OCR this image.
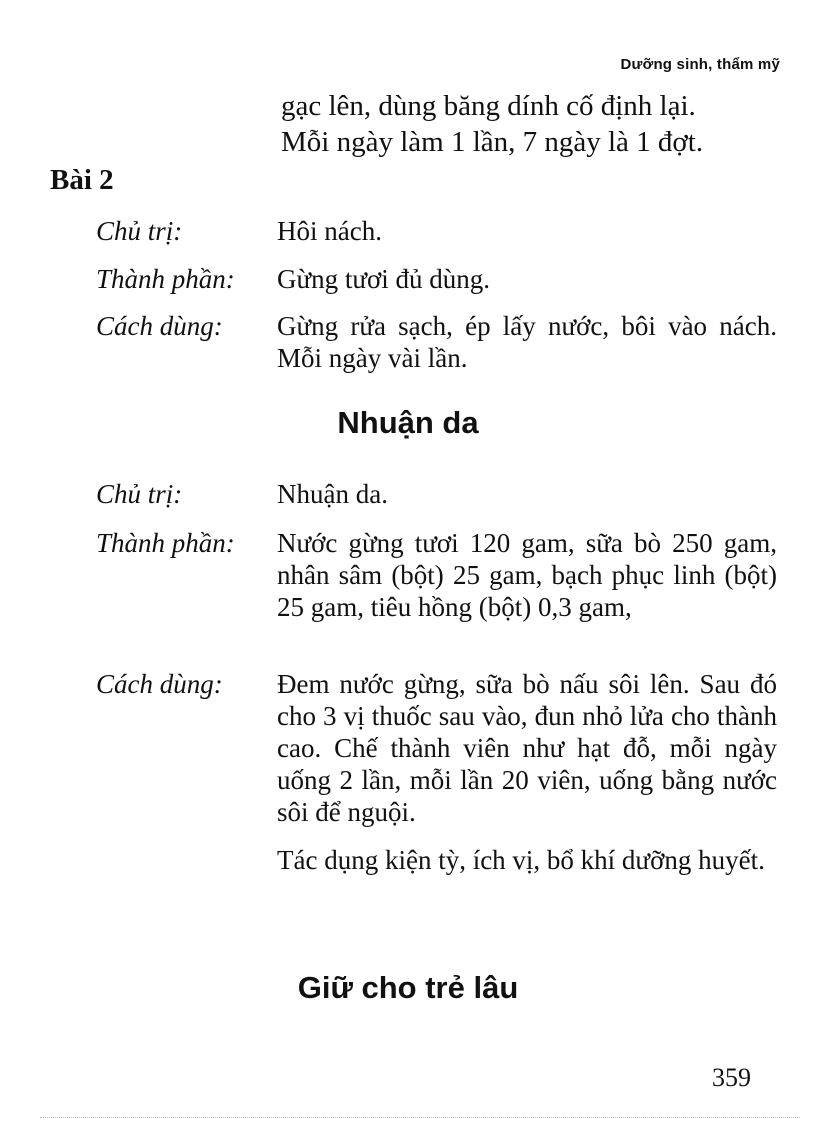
Dưỡng sinh, thẩm mỹ

gạc lên, dùng băng dính cố định lại.

Mỗi ngày làm 1 lần, 7 ngày là 1 đợt.

Bài 2
Chủ trị:	Hôi nách.
Thành phần: Gừng tươi đủ dùng.
Cách dùng: Gừng rửa sạch, ép lấy nước, bôi vào nách. Mỗi ngày vài lần.
Nhuận da
Chủ trị:	Nhuận da.
Thành phần: Nước gừng tươi 120 gam, sữa bò 250 gam, nhân sâm (bột) 25 gam, bạch phục linh (bột) 25 gam, tiêu hồng (bột) 0,3 gam,
Cách dùng: Đem nước gừng, sữa bò nấu sôi lên. Sau đó cho 3 vị thuốc sau vào, đun nhỏ lửa cho thành cao. Chế thành viên như hạt đỗ, mỗi ngày uống 2 lần, mỗi lần 20 viên, uống bằng nước sôi để nguội.

Tác dụng kiện tỳ, ích vị, bổ khí dưỡng huyết.

Giữ cho trẻ lâu
359
